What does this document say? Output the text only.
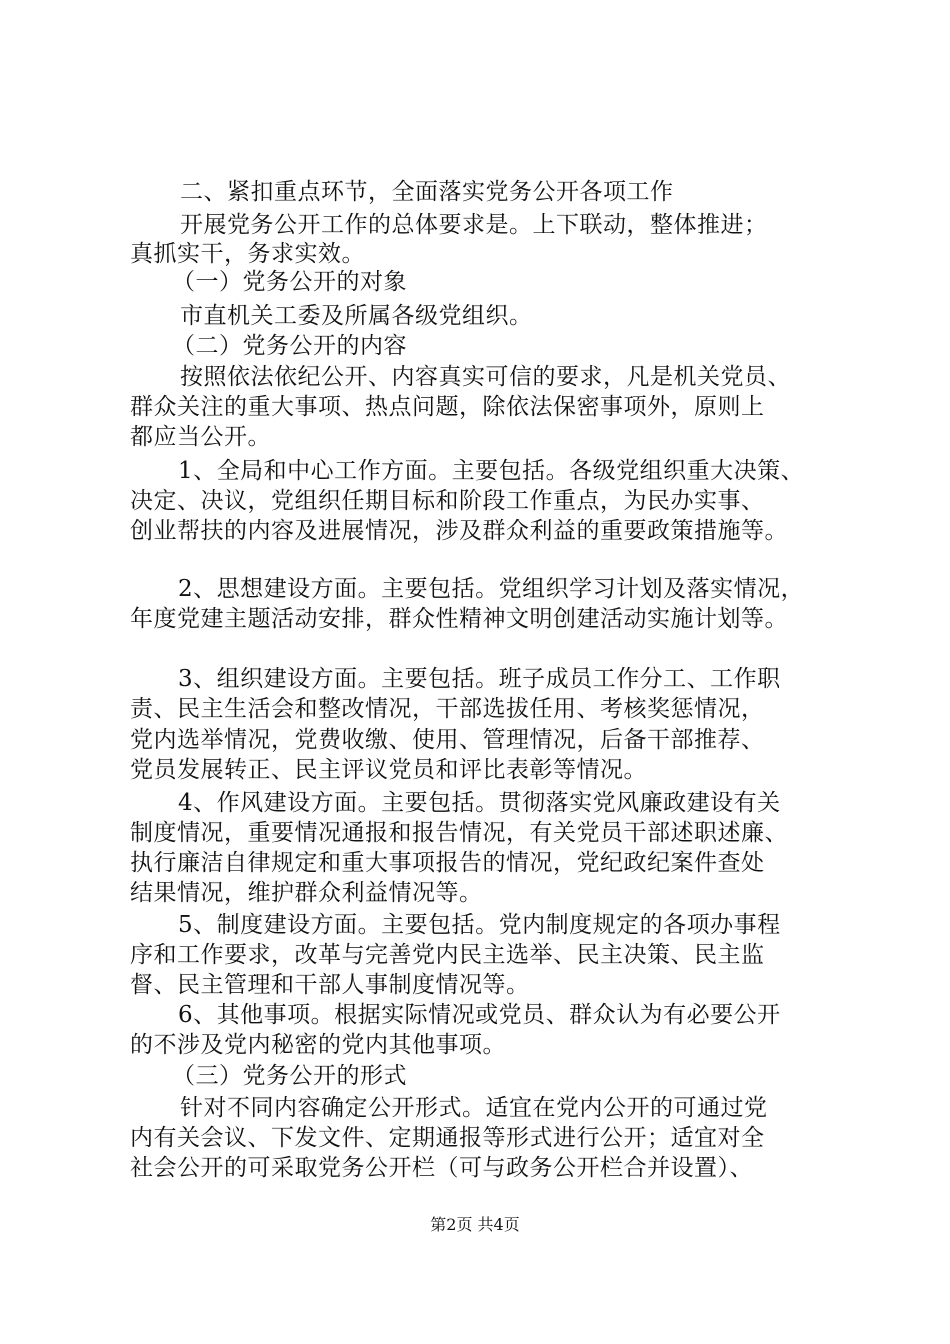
二、紧扣重点环节，全面落实党务公开各项工作
开展党务公开工作的总体要求是。上下联动，整体推进；
真抓实干，务求实效。
（一）党务公开的对象
市直机关工委及所属各级党组织。
（二）党务公开的内容
按照依法依纪公开、内容真实可信的要求，凡是机关党员、
群众关注的重大事项、热点问题，除依法保密事项外，原则上
都应当公开。
1、全局和中心工作方面。主要包括。各级党组织重大决策、
决定、决议，党组织任期目标和阶段工作重点，为民办实事、
创业帮扶的内容及进展情况，涉及群众利益的重要政策措施等。
2、思想建设方面。主要包括。党组织学习计划及落实情况，
年度党建主题活动安排，群众性精神文明创建活动实施计划等。
3、组织建设方面。主要包括。班子成员工作分工、工作职
责、民主生活会和整改情况，干部选拔任用、考核奖惩情况，
党内选举情况，党费收缴、使用、管理情况，后备干部推荐、
党员发展转正、民主评议党员和评比表彰等情况。
4、作风建设方面。主要包括。贯彻落实党风廉政建设有关
制度情况，重要情况通报和报告情况，有关党员干部述职述廉、
执行廉洁自律规定和重大事项报告的情况，党纪政纪案件查处
结果情况，维护群众利益情况等。
5、制度建设方面。主要包括。党内制度规定的各项办事程
序和工作要求，改革与完善党内民主选举、民主决策、民主监
督、民主管理和干部人事制度情况等。
6、其他事项。根据实际情况或党员、群众认为有必要公开
的不涉及党内秘密的党内其他事项。
（三）党务公开的形式
针对不同内容确定公开形式。适宜在党内公开的可通过党
内有关会议、下发文件、定期通报等形式进行公开；适宜对全
社会公开的可采取党务公开栏（可与政务公开栏合并设置）、
第2页 共4页
